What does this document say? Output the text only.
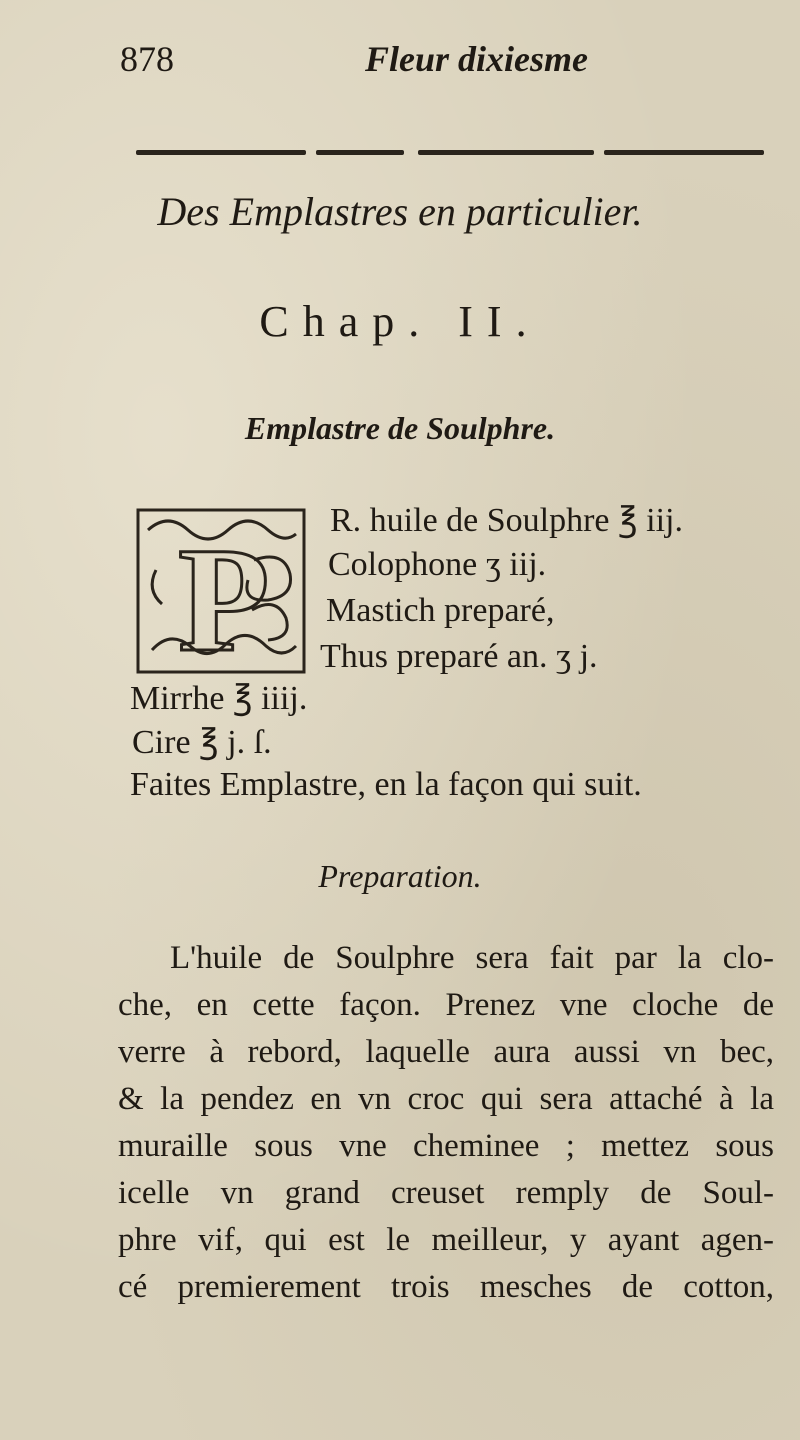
878	Fleur dixiesme
Des Emplastres en particulier.
Chap. II.
Emplastre de Soulphre.
P R. huile de Soulphre ℥ iij.
Colophone ʒ iij.
Mastich preparé,
Thus preparé an. ʒ j.
Mirrhe ℥ iiij.
Cire ℥ j. ſ.
Faites Emplastre, en la façon qui suit.
Preparation.
L'huile de Soulphre sera fait par la clo-
che, en cette façon. Prenez vne cloche de
verre à rebord, laquelle aura aussi vn bec,
& la pendez en vn croc qui sera attaché à la
muraille sous vne cheminee ; mettez sous
icelle vn grand creuset remply de Soul-
phre vif, qui est le meilleur, y ayant agen-
cé premierement trois mesches de cotton,
